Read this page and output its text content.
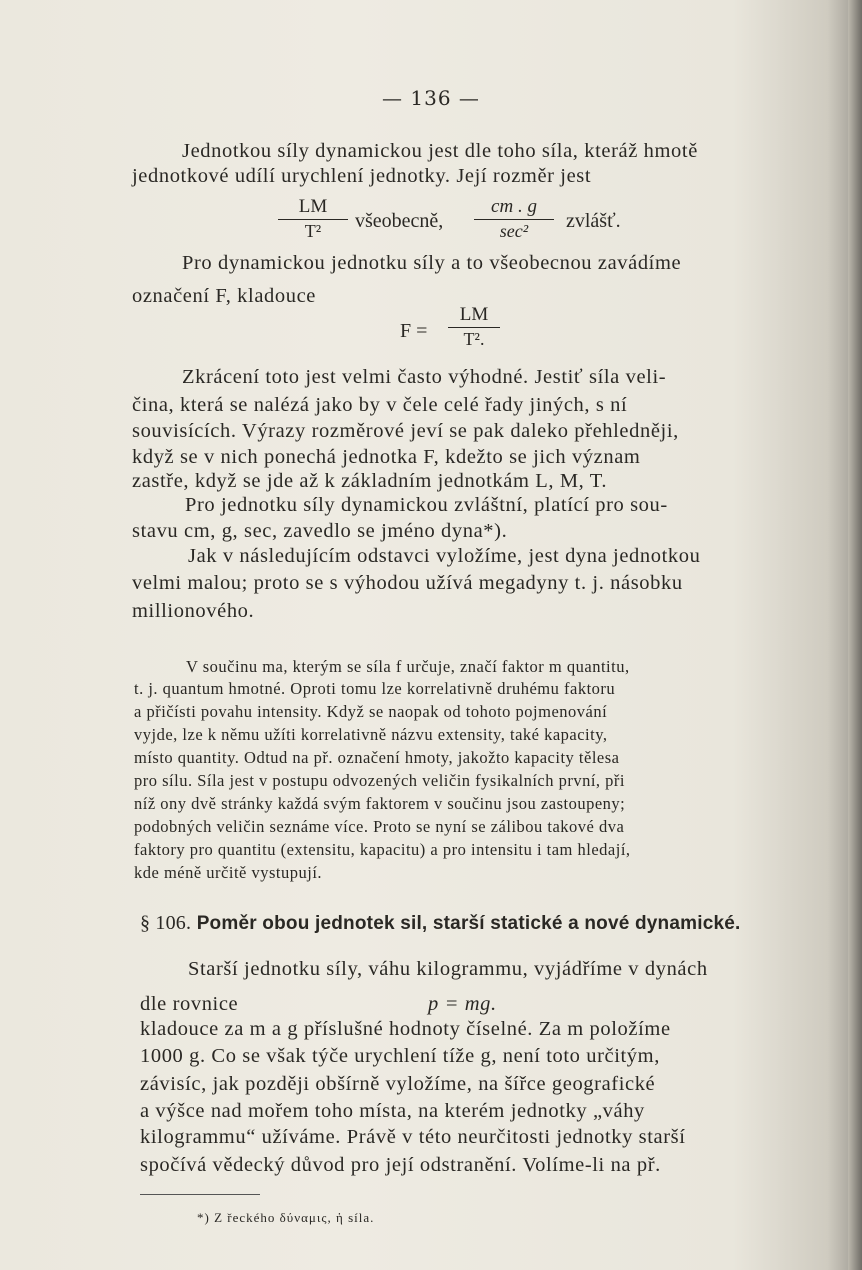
— 136 —
Jednotkou síly dynamickou jest dle toho síla, kteráž hmotě
jednotkové udílí urychlení jednotky. Její rozměr jest
LM
T²	všeobecně,
cm . g
sec²	zvlášť.
Pro dynamickou jednotku síly a to všeobecnou zavádíme
označení F, kladouce
F =
LM
T².
Zkrácení toto jest velmi často výhodné. Jestiť síla veli-
čina, která se nalézá jako by v čele celé řady jiných, s ní
souvisících. Výrazy rozměrové jeví se pak daleko přehledněji,
když se v nich ponechá jednotka F, kdežto se jich význam
zastře, když se jde až k základním jednotkám L, M, T.
Pro jednotku síly dynamickou zvláštní, platící pro sou-
stavu cm, g, sec, zavedlo se jméno dyna*).
Jak v následujícím odstavci vyložíme, jest dyna jednotkou
velmi malou; proto se s výhodou užívá megadyny t. j. násobku
millionového.
V součinu ma, kterým se síla f určuje, značí faktor m quantitu,
t. j. quantum hmotné. Oproti tomu lze korrelativně druhému faktoru
a přičísti povahu intensity. Když se naopak od tohoto pojmenování
vyjde, lze k němu užíti korrelativně názvu extensity, také kapacity,
místo quantity. Odtud na př. označení hmoty, jakožto kapacity tělesa
pro sílu. Síla jest v postupu odvozených veličin fysikalních první, při
níž ony dvě stránky každá svým faktorem v součinu jsou zastoupeny;
podobných veličin seznáme více. Proto se nyní se zálibou takové dva
faktory pro quantitu (extensitu, kapacitu) a pro intensitu i tam hledají,
kde méně určitě vystupují.
§ 106. Poměr obou jednotek sil, starší statické a nové dynamické.
Starší jednotku síly, váhu kilogrammu, vyjádříme v dynách
dle rovnice	p = mg.
kladouce za m a g příslušné hodnoty číselné. Za m položíme
1000 g. Co se však týče urychlení tíže g, není toto určitým,
závisíc, jak později obšírně vyložíme, na šířce geografické
a výšce nad mořem toho místa, na kterém jednotky „váhy
kilogrammu“ užíváme. Právě v této neurčitosti jednotky starší
spočívá vědecký důvod pro její odstranění. Volíme-li na př.
*) Z řeckého δύναμις, ἡ síla.
